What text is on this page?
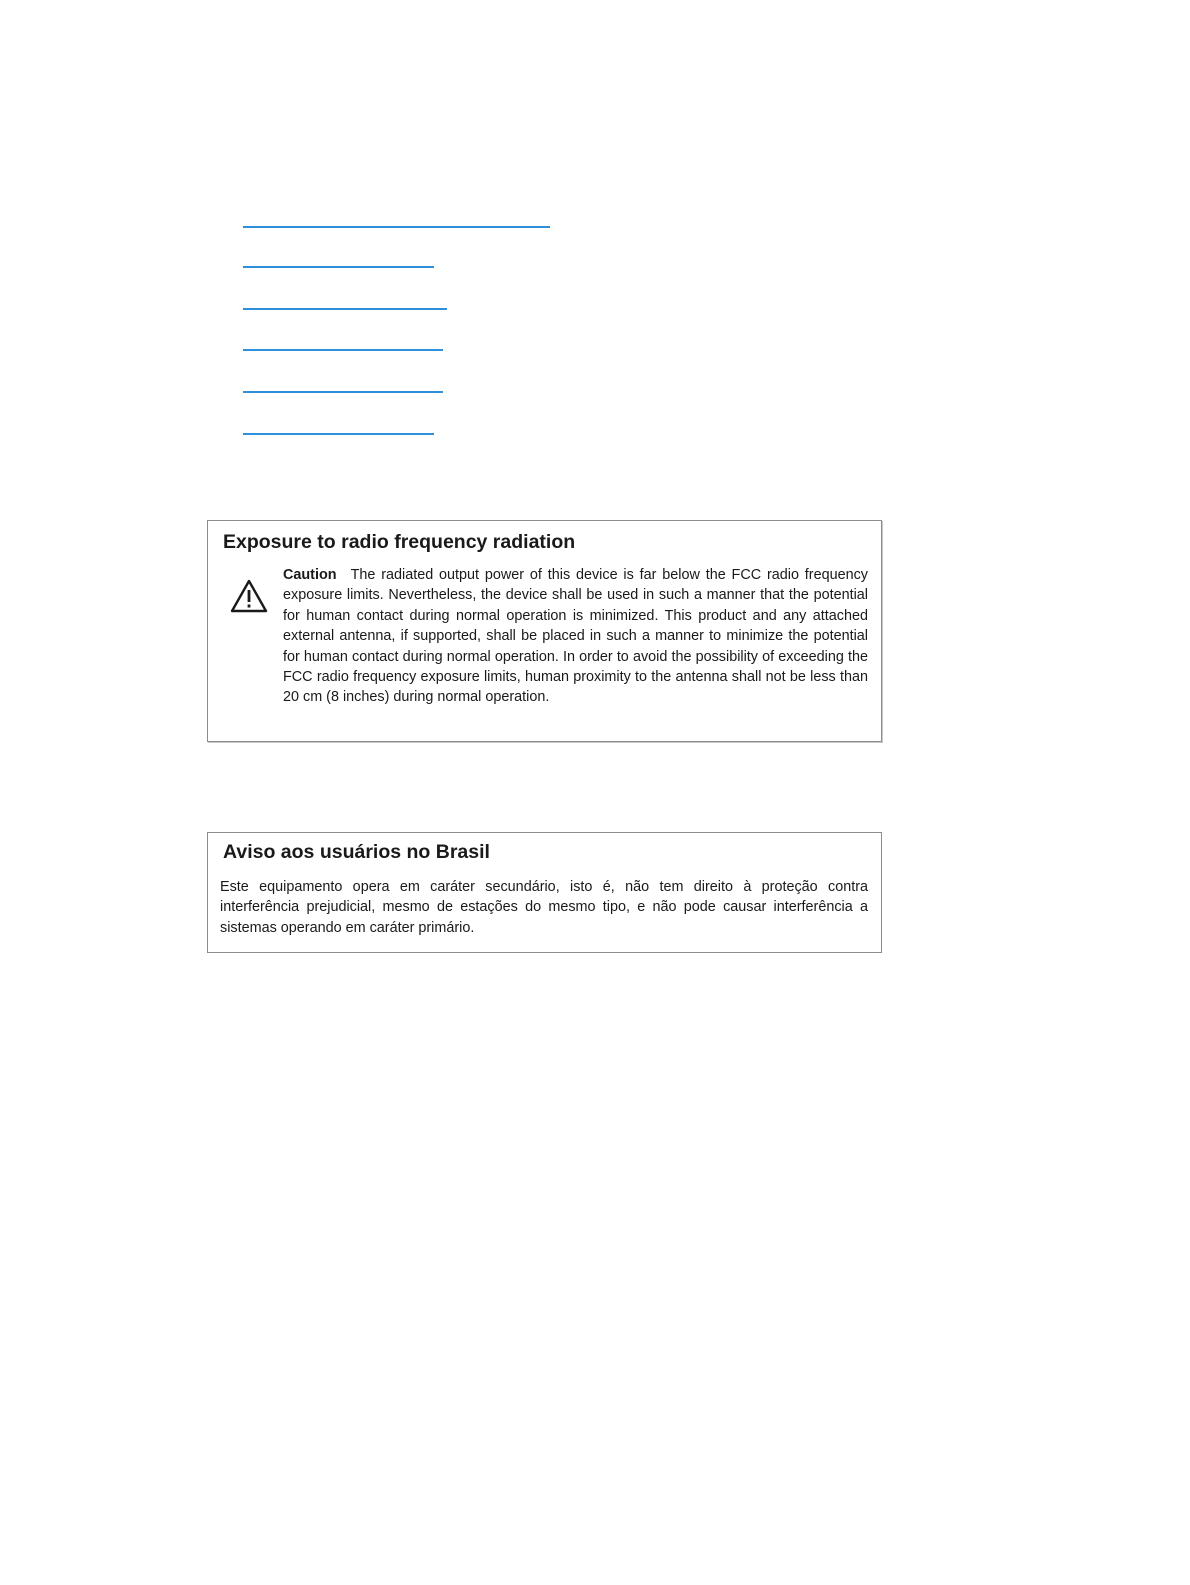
Exposure to radio frequency radiation

Caution The radiated output power of this device is far below the FCC radio frequency exposure limits. Nevertheless, the device shall be used in such a manner that the potential for human contact during normal operation is minimized. This product and any attached external antenna, if supported, shall be placed in such a manner to minimize the potential for human contact during normal operation. In order to avoid the possibility of exceeding the FCC radio frequency exposure limits, human proximity to the antenna shall not be less than 20 cm (8 inches) during normal operation.

Aviso aos usuários no Brasil

Este equipamento opera em caráter secundário, isto é, não tem direito à proteção contra interferência prejudicial, mesmo de estações do mesmo tipo, e não pode causar interferência a sistemas operando em caráter primário.
